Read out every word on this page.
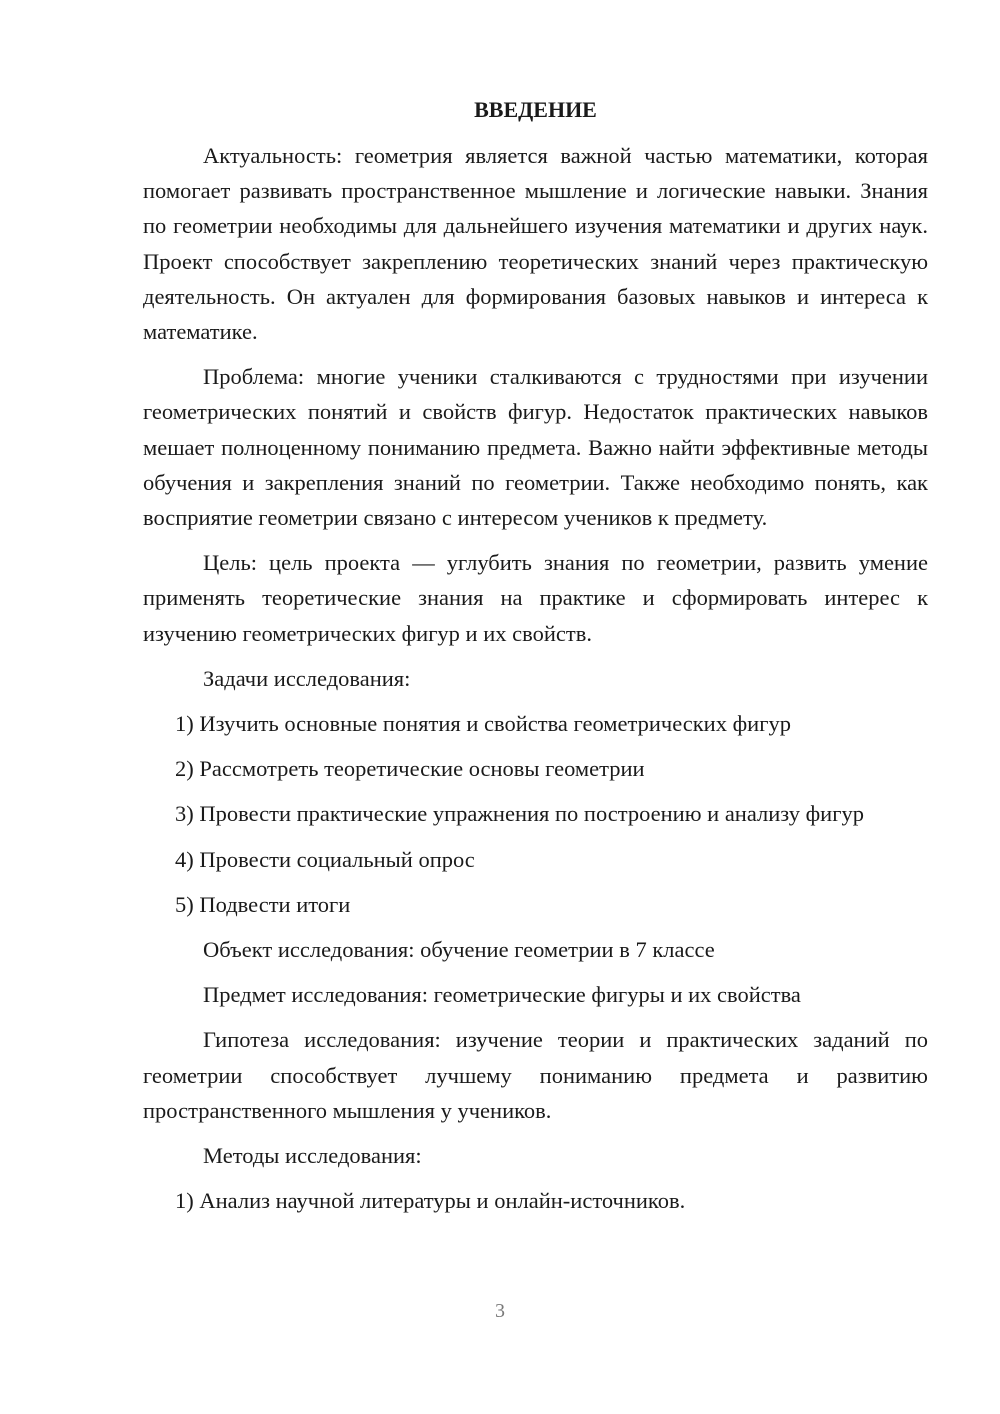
ВВЕДЕНИЕ

Актуальность: геометрия является важной частью математики, которая помогает развивать пространственное мышление и логические навыки. Знания по геометрии необходимы для дальнейшего изучения математики и других наук. Проект способствует закреплению теоретических знаний через практическую деятельность. Он актуален для формирования базовых навыков и интереса к математике.

Проблема: многие ученики сталкиваются с трудностями при изучении геометрических понятий и свойств фигур. Недостаток практических навыков мешает полноценному пониманию предмета. Важно найти эффективные методы обучения и закрепления знаний по геометрии. Также необходимо понять, как восприятие геометрии связано с интересом учеников к предмету.

Цель: цель проекта — углубить знания по геометрии, развить умение применять теоретические знания на практике и сформировать интерес к изучению геометрических фигур и их свойств.

Задачи исследования:

1) Изучить основные понятия и свойства геометрических фигур

2) Рассмотреть теоретические основы геометрии

3) Провести практические упражнения по построению и анализу фигур

4) Провести социальный опрос

5) Подвести итоги

Объект исследования: обучение геометрии в 7 классе

Предмет исследования: геометрические фигуры и их свойства

Гипотеза исследования: изучение теории и практических заданий по геометрии способствует лучшему пониманию предмета и развитию пространственного мышления у учеников.

Методы исследования:

1) Анализ научной литературы и онлайн-источников.

3
